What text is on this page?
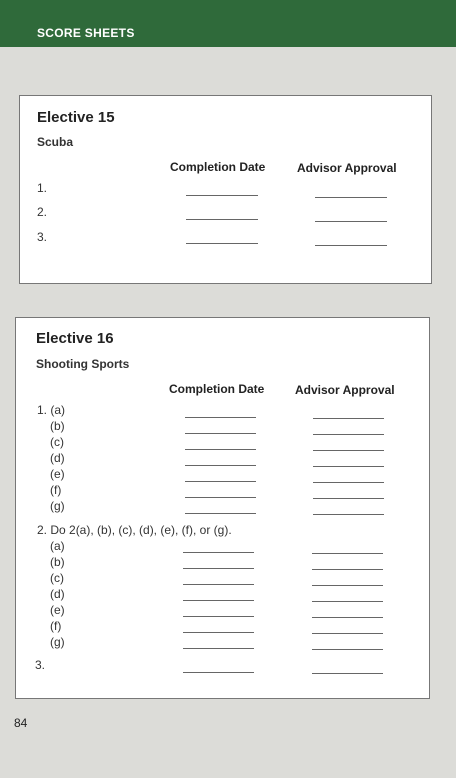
SCORE SHEETS
Elective 15
Scuba
Completion Date	Advisor Approval
1.
2.
3.
Elective 16
Shooting Sports
Completion Date	Advisor Approval
1. (a)
(b)
(c)
(d)
(e)
(f)
(g)
2. Do 2(a), (b), (c), (d), (e), (f), or (g).
(a)
(b)
(c)
(d)
(e)
(f)
(g)
3.
84
